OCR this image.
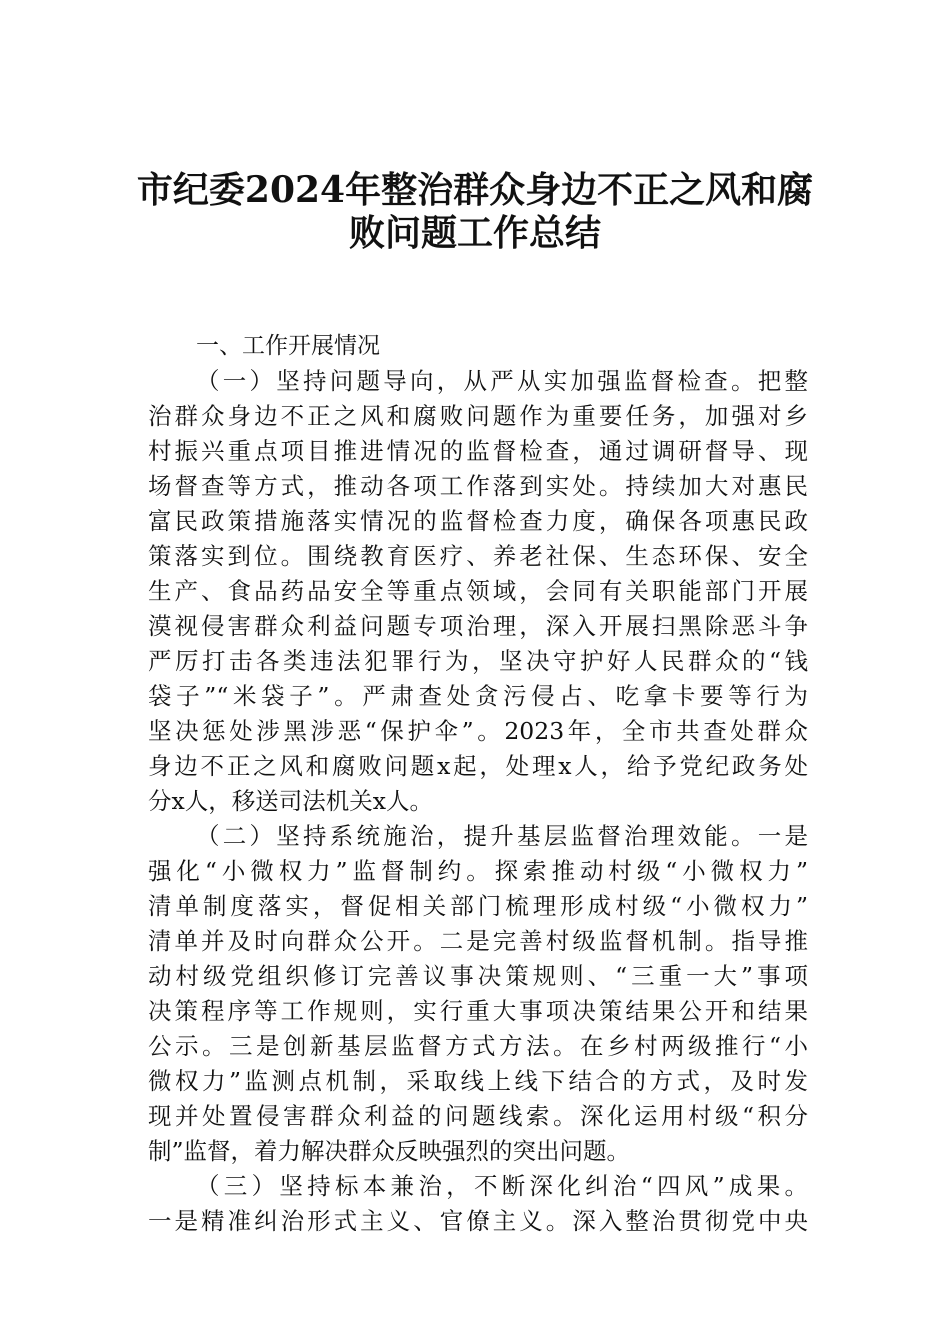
市纪委2024年整治群众身边不正之风和腐
败问题工作总结
一、工作开展情况
（一）坚持问题导向，从严从实加强监督检查。把整
治群众身边不正之风和腐败问题作为重要任务，加强对乡
村振兴重点项目推进情况的监督检查，通过调研督导、现
场督查等方式，推动各项工作落到实处。持续加大对惠民
富民政策措施落实情况的监督检查力度，确保各项惠民政
策落实到位。围绕教育医疗、养老社保、生态环保、安全
生产、食品药品安全等重点领域，会同有关职能部门开展
漠视侵害群众利益问题专项治理，深入开展扫黑除恶斗争
严厉打击各类违法犯罪行为，坚决守护好人民群众的“钱
袋子”“米袋子”。严肃查处贪污侵占、吃拿卡要等行为
坚决惩处涉黑涉恶“保护伞”。2023年，全市共查处群众
身边不正之风和腐败问题x起，处理x人，给予党纪政务处
分x人，移送司法机关x人。
（二）坚持系统施治，提升基层监督治理效能。一是
强化“小微权力”监督制约。探索推动村级“小微权力”
清单制度落实，督促相关部门梳理形成村级“小微权力”
清单并及时向群众公开。二是完善村级监督机制。指导推
动村级党组织修订完善议事决策规则、“三重一大”事项
决策程序等工作规则，实行重大事项决策结果公开和结果
公示。三是创新基层监督方式方法。在乡村两级推行“小
微权力”监测点机制，采取线上线下结合的方式，及时发
现并处置侵害群众利益的问题线索。深化运用村级“积分
制”监督，着力解决群众反映强烈的突出问题。
（三）坚持标本兼治，不断深化纠治“四风”成果。
一是精准纠治形式主义、官僚主义。深入整治贯彻党中央
